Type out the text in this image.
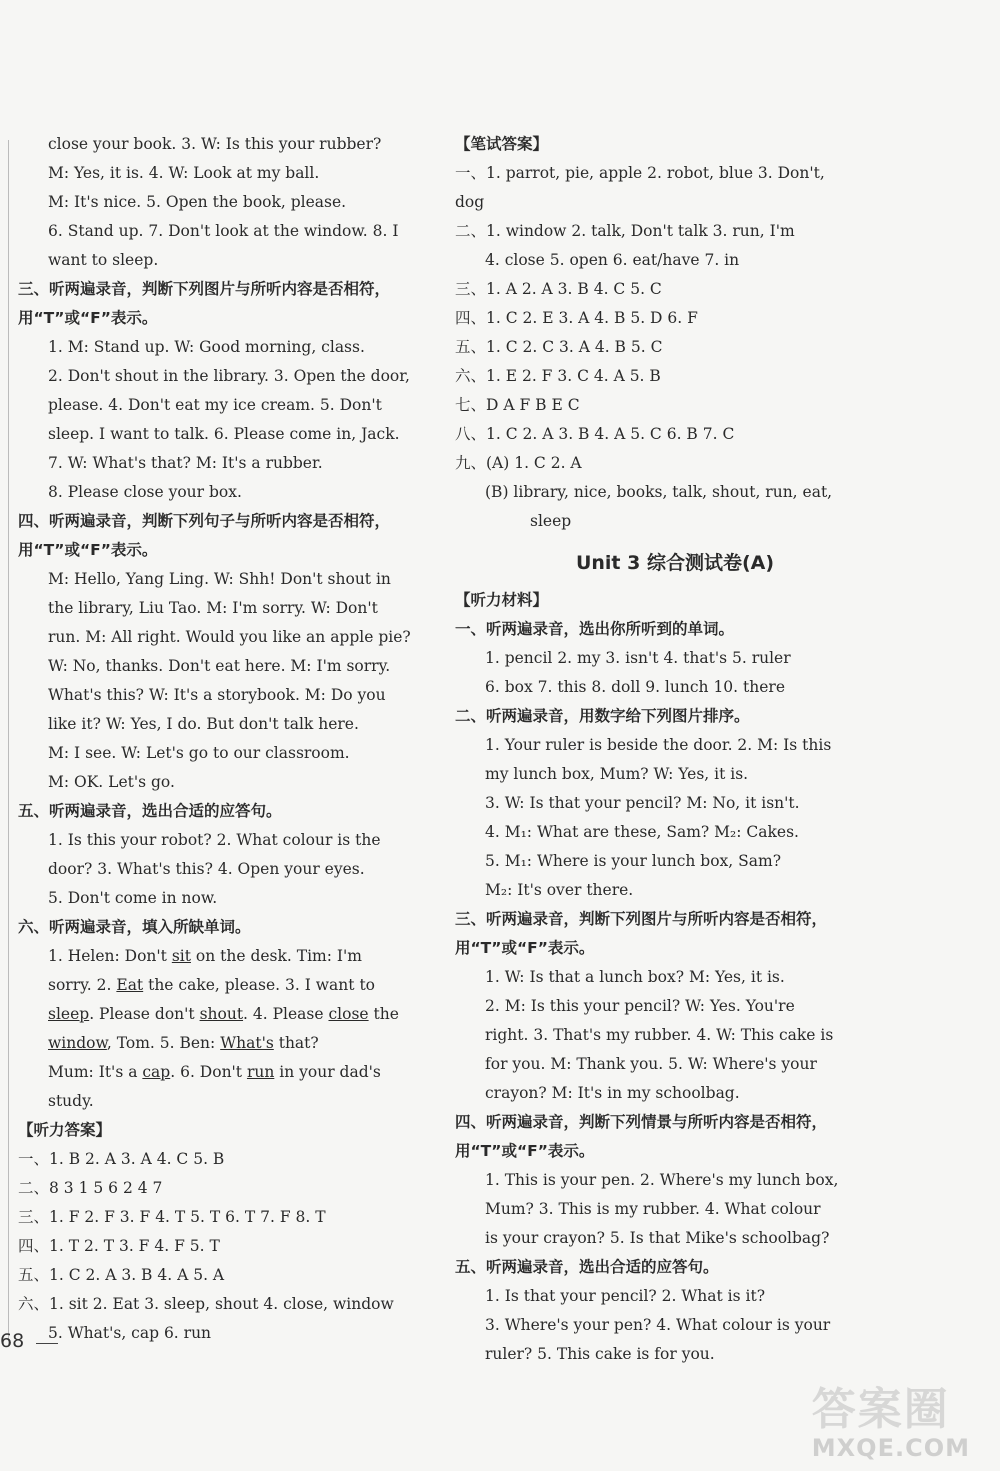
close your book. 3. W: Is this your rubber?
M: Yes, it is. 4. W: Look at my ball.
M: It's nice. 5. Open the book, please.
6. Stand up. 7. Don't look at the window. 8. I
want to sleep.
三、听两遍录音，判断下列图片与所听内容是否相符，
用“T”或“F”表示。
1. M: Stand up. W: Good morning, class.
2. Don't shout in the library. 3. Open the door,
please. 4. Don't eat my ice cream. 5. Don't
sleep. I want to talk. 6. Please come in, Jack.
7. W: What's that? M: It's a rubber.
8. Please close your box.
四、听两遍录音，判断下列句子与所听内容是否相符，
用“T”或“F”表示。
M: Hello, Yang Ling. W: Shh! Don't shout in
the library, Liu Tao. M: I'm sorry. W: Don't
run. M: All right. Would you like an apple pie?
W: No, thanks. Don't eat here. M: I'm sorry.
What's this? W: It's a storybook. M: Do you
like it? W: Yes, I do. But don't talk here.
M: I see. W: Let's go to our classroom.
M: OK. Let's go.
五、听两遍录音，选出合适的应答句。
1. Is this your robot? 2. What colour is the
door? 3. What's this? 4. Open your eyes.
5. Don't come in now.
六、听两遍录音，填入所缺单词。
1. Helen: Don't sit on the desk. Tim: I'm
sorry. 2. Eat the cake, please. 3. I want to
sleep. Please don't shout. 4. Please close the
window, Tom. 5. Ben: What's that?
Mum: It's a cap. 6. Don't run in your dad's
study.
【听力答案】
一、1. B 2. A 3. A 4. C 5. B
二、8 3 1 5 6 2 4 7
三、1. F 2. F 3. F 4. T 5. T 6. T 7. F 8. T
四、1. T 2. T 3. F 4. F 5. T
五、1. C 2. A 3. B 4. A 5. A
六、1. sit 2. Eat 3. sleep, shout 4. close, window
5. What's, cap 6. run
【笔试答案】
一、1. parrot, pie, apple 2. robot, blue 3. Don't,
dog
二、1. window 2. talk, Don't talk 3. run, I'm
4. close 5. open 6. eat/have 7. in
三、1. A 2. A 3. B 4. C 5. C
四、1. C 2. E 3. A 4. B 5. D 6. F
五、1. C 2. C 3. A 4. B 5. C
六、1. E 2. F 3. C 4. A 5. B
七、D A F B E C
八、1. C 2. A 3. B 4. A 5. C 6. B 7. C
九、(A) 1. C 2. A
(B) library, nice, books, talk, shout, run, eat,
sleep
Unit 3 综合测试卷(A)
【听力材料】
一、听两遍录音，选出你所听到的单词。
1. pencil 2. my 3. isn't 4. that's 5. ruler
6. box 7. this 8. doll 9. lunch 10. there
二、听两遍录音，用数字给下列图片排序。
1. Your ruler is beside the door. 2. M: Is this
my lunch box, Mum? W: Yes, it is.
3. W: Is that your pencil? M: No, it isn't.
4. M₁: What are these, Sam? M₂: Cakes.
5. M₁: Where is your lunch box, Sam?
M₂: It's over there.
三、听两遍录音，判断下列图片与所听内容是否相符，
用“T”或“F”表示。
1. W: Is that a lunch box? M: Yes, it is.
2. M: Is this your pencil? W: Yes. You're
right. 3. That's my rubber. 4. W: This cake is
for you. M: Thank you. 5. W: Where's your
crayon? M: It's in my schoolbag.
四、听两遍录音，判断下列情景与所听内容是否相符，
用“T”或“F”表示。
1. This is your pen. 2. Where's my lunch box,
Mum? 3. This is my rubber. 4. What colour
is your crayon? 5. Is that Mike's schoolbag?
五、听两遍录音，选出合适的应答句。
1. Is that your pencil? 2. What is it?
3. Where's your pen? 4. What colour is your
ruler? 5. This cake is for you.
68
答案圈
MXQE.COM
